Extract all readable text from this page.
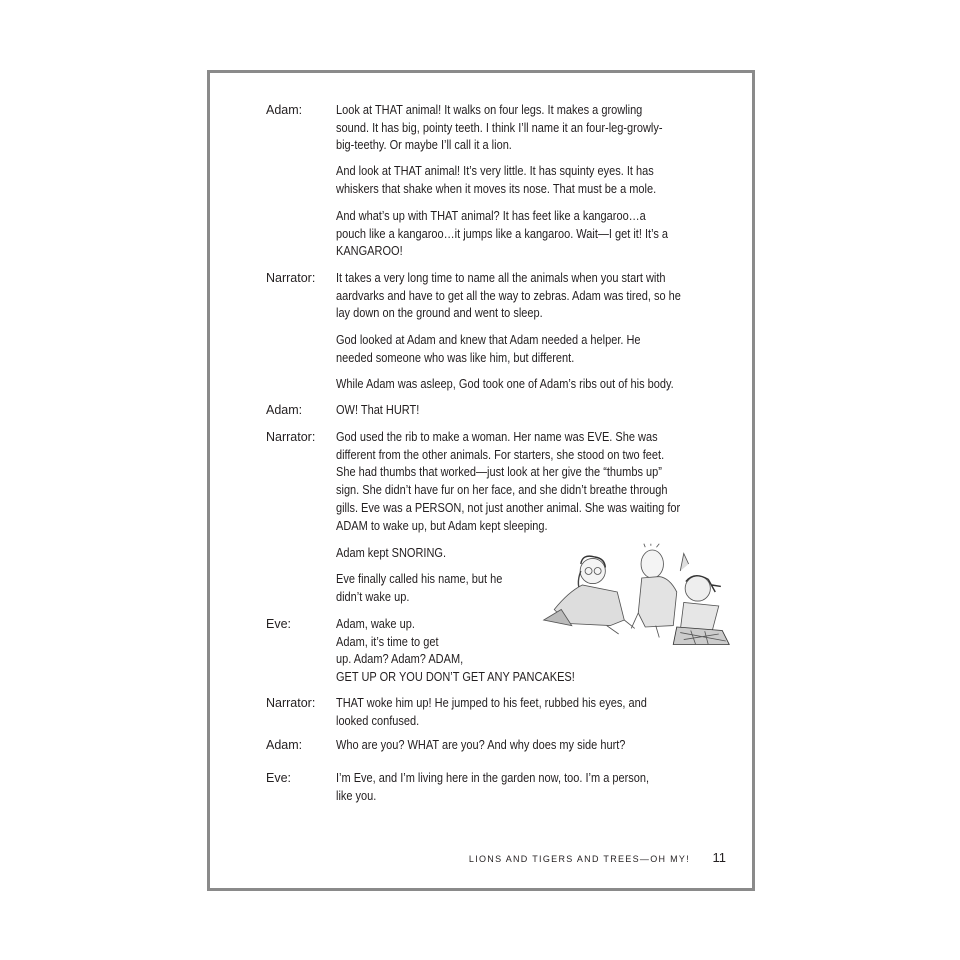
Adam:	Look at THAT animal! It walks on four legs. It makes a growling
sound. It has big, pointy teeth. I think I’ll name it an four-leg-growly-
big-teethy. Or maybe I’ll call it a lion.
And look at THAT animal! It’s very little. It has squinty eyes. It has
whiskers that shake when it moves its nose. That must be a mole.
And what’s up with THAT animal? It has feet like a kangaroo…a
pouch like a kangaroo…it jumps like a kangaroo. Wait—I get it! It’s a
KANGAROO!
Narrator: It takes a very long time to name all the animals when you start with
aardvarks and have to get all the way to zebras. Adam was tired, so he
lay down on the ground and went to sleep.
God looked at Adam and knew that Adam needed a helper. He
needed someone who was like him, but different.
While Adam was asleep, God took one of Adam’s ribs out of his body.
Adam:	OW! That HURT!
Narrator: God used the rib to make a woman. Her name was EVE. She was
different from the other animals. For starters, she stood on two feet.
She had thumbs that worked—just look at her give the “thumbs up”
sign. She didn’t have fur on her face, and she didn’t breathe through
gills. Eve was a PERSON, not just another animal. She was waiting for
ADAM to wake up, but Adam kept sleeping.
Adam kept SNORING.
Eve finally called his name, but he
didn’t wake up.
Eve:	Adam, wake up.
Adam, it’s time to get
up. Adam? Adam? ADAM,
GET UP OR YOU DON’T GET ANY PANCAKES!
Narrator: THAT woke him up! He jumped to his feet, rubbed his eyes, and
looked confused.
Adam:	Who are you? WHAT are you? And why does my side hurt?
Eve:	I’m Eve, and I’m living here in the garden now, too. I’m a person,
like you.
LIONS AND TIGERS AND TREES—OH MY! 11
